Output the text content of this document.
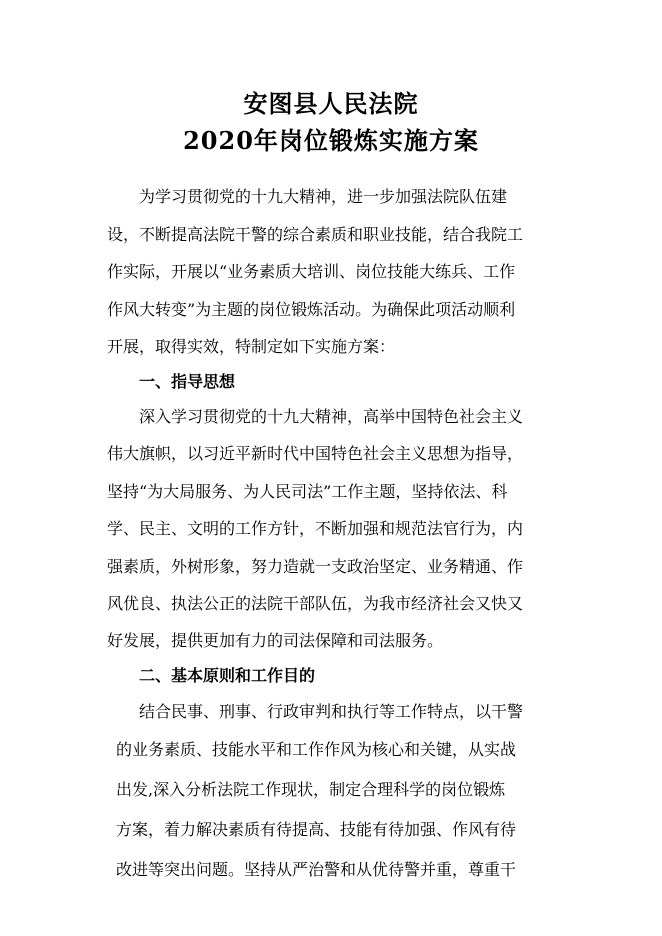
安图县人民法院
2020年岗位锻炼实施方案

为学习贯彻党的十九大精神，进一步加强法院队伍建

设，不断提高法院干警的综合素质和职业技能，结合我院工

作实际，开展以“业务素质大培训、岗位技能大练兵、工作

作风大转变”为主题的岗位锻炼活动。为确保此项活动顺利

开展，取得实效，特制定如下实施方案：

一、指导思想

深入学习贯彻党的十九大精神，高举中国特色社会主义

伟大旗帜，以习近平新时代中国特色社会主义思想为指导，

坚持“为大局服务、为人民司法”工作主题，坚持依法、科

学、民主、文明的工作方针，不断加强和规范法官行为，内

强素质，外树形象，努力造就一支政治坚定、业务精通、作

风优良、执法公正的法院干部队伍，为我市经济社会又快又

好发展，提供更加有力的司法保障和司法服务。

二、基本原则和工作目的

结合民事、刑事、行政审判和执行等工作特点，以干警

的业务素质、技能水平和工作作风为核心和关键，从实战

出发,深入分析法院工作现状，制定合理科学的岗位锻炼

方案，着力解决素质有待提高、技能有待加强、作风有待

改进等突出问题。坚持从严治警和从优待警并重，尊重干
